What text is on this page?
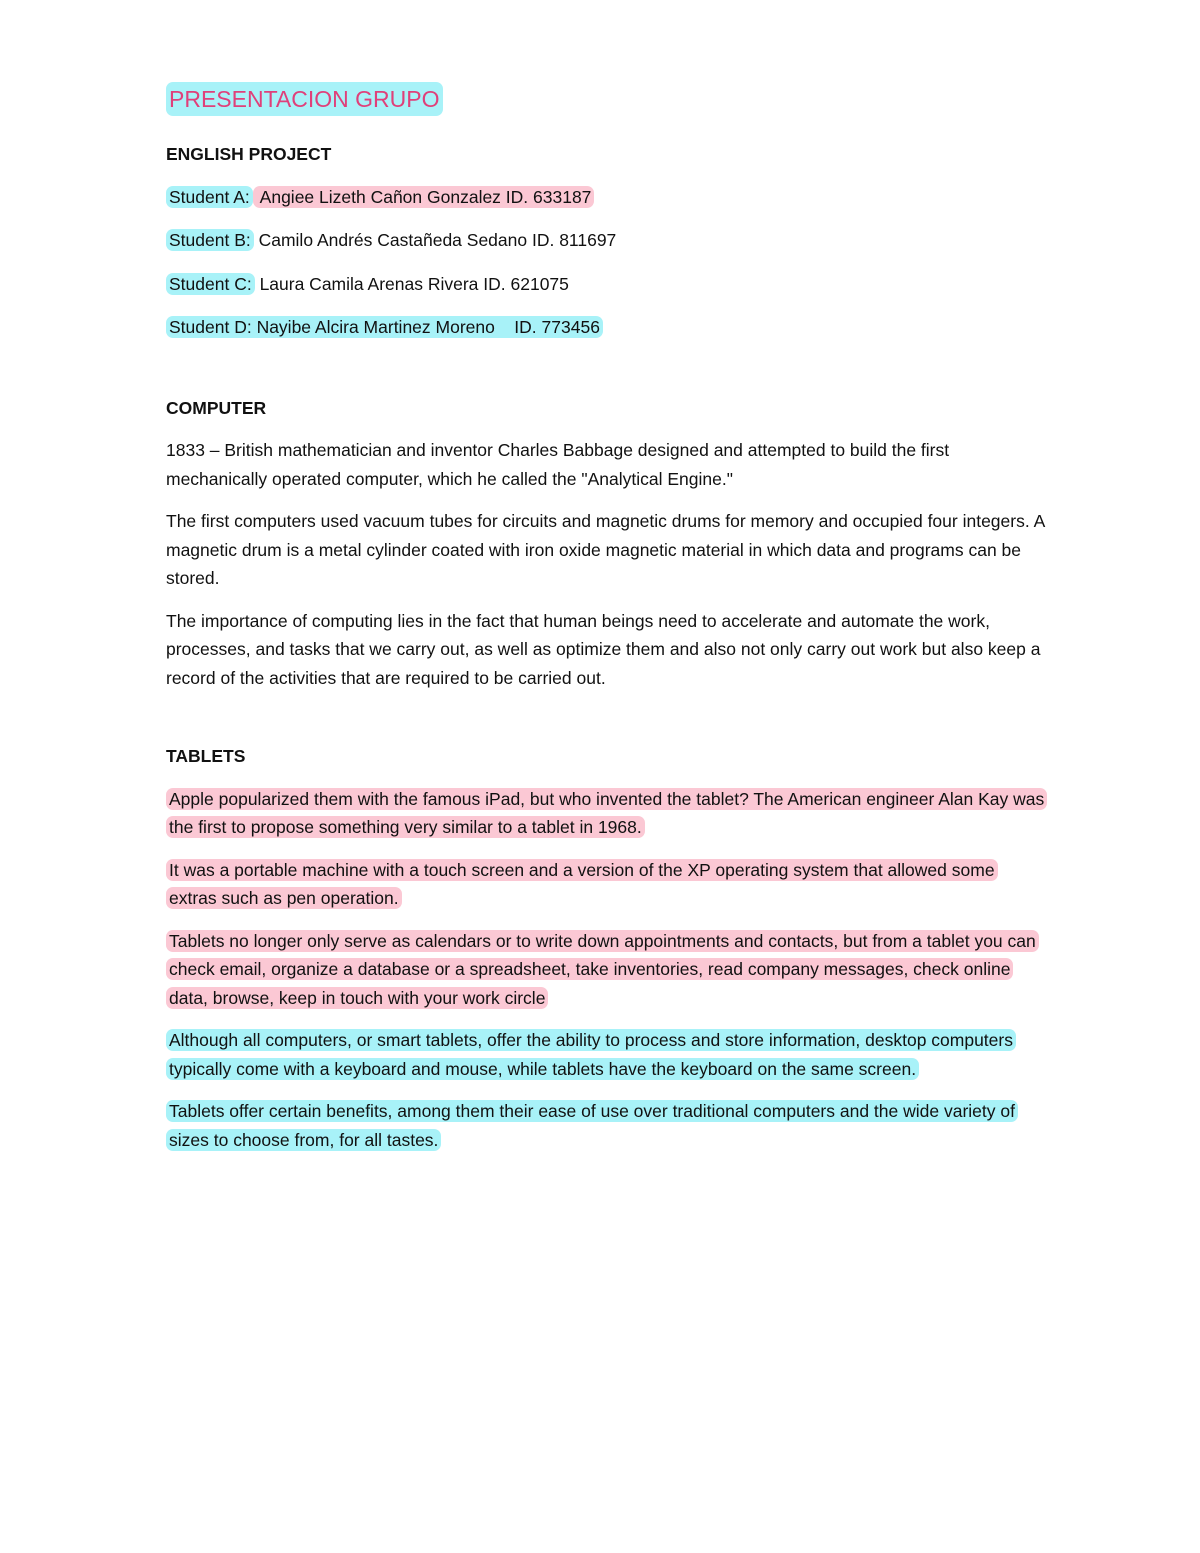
PRESENTACION GRUPO
ENGLISH PROJECT
Student A: Angiee Lizeth Cañon Gonzalez ID. 633187
Student B: Camilo Andrés Castañeda Sedano ID. 811697
Student C: Laura Camila Arenas Rivera ID. 621075
Student D: Nayibe Alcira Martinez Moreno    ID. 773456
COMPUTER

1833 – British mathematician and inventor Charles Babbage designed and attempted to build the first mechanically operated computer, which he called the "Analytical Engine."

The first computers used vacuum tubes for circuits and magnetic drums for memory and occupied four integers. A magnetic drum is a metal cylinder coated with iron oxide magnetic material in which data and programs can be stored.

The importance of computing lies in the fact that human beings need to accelerate and automate the work, processes, and tasks that we carry out, as well as optimize them and also not only carry out work but also keep a record of the activities that are required to be carried out.

TABLETS

Apple popularized them with the famous iPad, but who invented the tablet? The American engineer Alan Kay was the first to propose something very similar to a tablet in 1968.

It was a portable machine with a touch screen and a version of the XP operating system that allowed some extras such as pen operation.

Tablets no longer only serve as calendars or to write down appointments and contacts, but from a tablet you can check email, organize a database or a spreadsheet, take inventories, read company messages, check online data, browse, keep in touch with your work circle

Although all computers, or smart tablets, offer the ability to process and store information, desktop computers typically come with a keyboard and mouse, while tablets have the keyboard on the same screen.

Tablets offer certain benefits, among them their ease of use over traditional computers and the wide variety of sizes to choose from, for all tastes.
